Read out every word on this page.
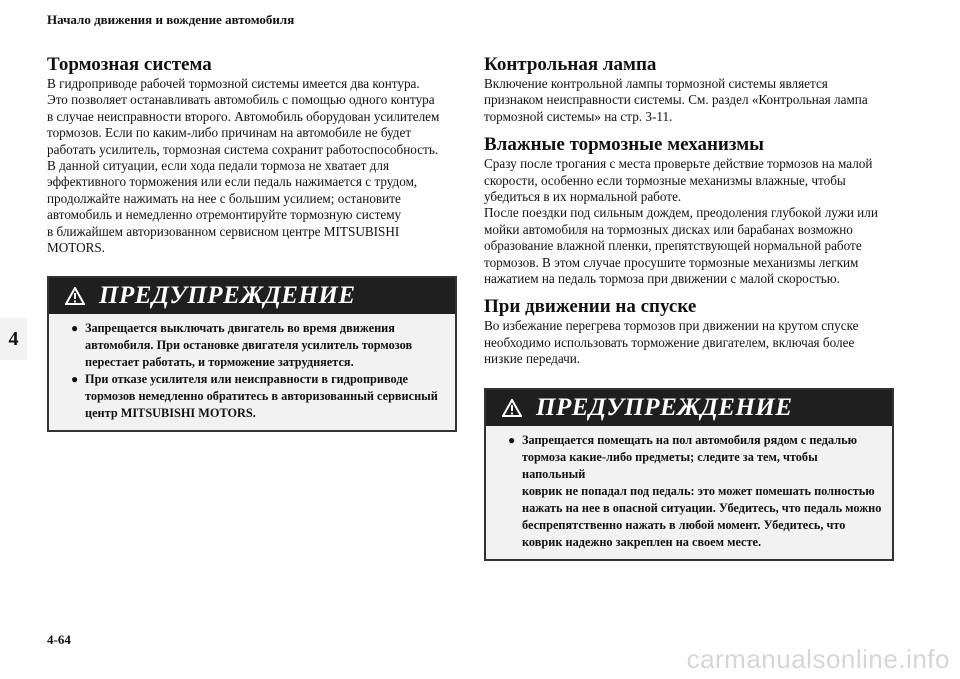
Начало движения и вождение автомобиля
4
Тормозная система

В гидроприводе рабочей тормозной системы имеется два контура.

Это позволяет останавливать автомобиль с помощью одного контура

в случае неисправности второго. Автомобиль оборудован усилителем

тормозов. Если по каким-либо причинам на автомобиле не будет

работать усилитель, тормозная система сохранит работоспособность.

В данной ситуации, если хода педали тормоза не хватает для

эффективного торможения или если педаль нажимается с трудом,

продолжайте нажимать на нее с большим усилием; остановите

автомобиль и немедленно отремонтируйте тормозную систему

в ближайшем авторизованном сервисном центре MITSUBISHI

MOTORS.

ПРЕДУПРЕЖДЕНИЕ
● Запрещается выключать двигатель во время движения
автомобиля. При остановке двигателя усилитель тормозов
перестает работать, и торможение затрудняется.
● При отказе усилителя или неисправности в гидроприводе
тормозов немедленно обратитесь в авторизованный сервисный
центр MITSUBISHI MOTORS.
Контрольная лампа

Включение контрольной лампы тормозной системы является

признаком неисправности системы. См. раздел «Контрольная лампа

тормозной системы» на стр. 3-11.

Влажные тормозные механизмы

Сразу после трогания с места проверьте действие тормозов на малой

скорости, особенно если тормозные механизмы влажные, чтобы

убедиться в их нормальной работе.

После поездки под сильным дождем, преодоления глубокой лужи или

мойки автомобиля на тормозных дисках или барабанах возможно

образование влажной пленки, препятствующей нормальной работе

тормозов. В этом случае просушите тормозные механизмы легким

нажатием на педаль тормоза при движении с малой скоростью.

При движении на спуске

Во избежание перегрева тормозов при движении на крутом спуске

необходимо использовать торможение двигателем, включая более

низкие передачи.

ПРЕДУПРЕЖДЕНИЕ
● Запрещается помещать на пол автомобиля рядом с педалью
тормоза какие-либо предметы; следите за тем, чтобы напольный
коврик не попадал под педаль: это может помешать полностью
нажать на нее в опасной ситуации. Убедитесь, что педаль можно
беспрепятственно нажать в любой момент. Убедитесь, что
коврик надежно закреплен на своем месте.
4-64
carmanualsonline.info
